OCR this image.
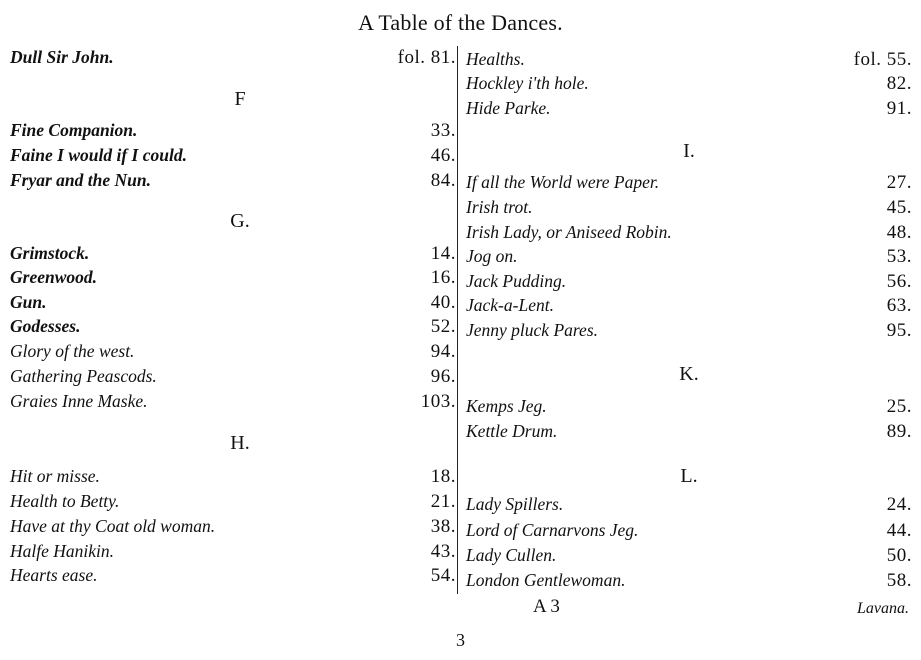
A Table of the Dances.
Dull Sir John.	fol. 81.
F
Fine Companion.	33.
Faine I would if I could.	46.
Fryar and the Nun.	84.
G.
Grimstock.	14.
Greenwood.	16.
Gun.	40.
Godesses.	52.
Glory of the west.	94.
Gathering Peascods.	96.
Graies Inne Maske.	103.
H.
Hit or misse.	18.
Health to Betty.	21.
Have at thy Coat old woman.	38.
Halfe Hanikin.	43.
Hearts ease.	54.
Healths.	fol. 55.
Hockley i'th hole.	82.
Hide Parke.	91.
I.
If all the World were Paper.	27.
Irish trot.	45.
Irish Lady, or Aniseed Robin.	48.
Jog on.	53.
Jack Pudding.	56.
Jack-a-Lent.	63.
Jenny pluck Pares.	95.
K.
Kemps Jeg.	25.
Kettle Drum.	89.
L.
Lady Spillers.	24.
Lord of Carnarvons Jeg.	44.
Lady Cullen.	50.
London Gentlewoman.	58.
A 3	Lavana.
3
